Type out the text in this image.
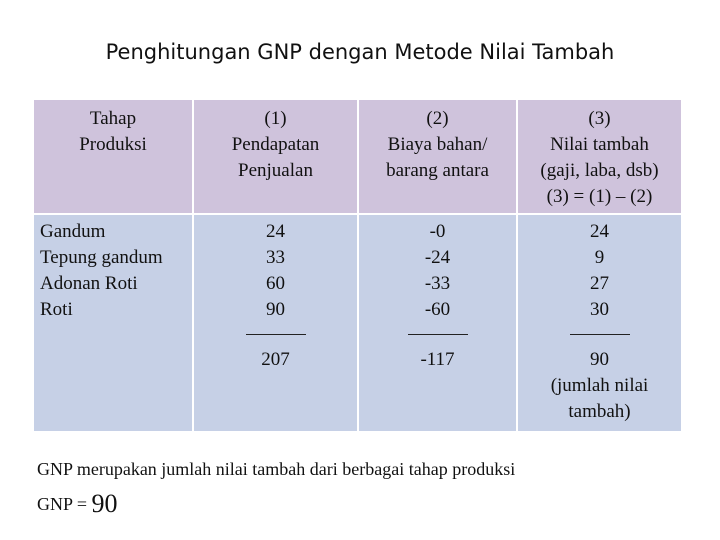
Penghitungan GNP dengan Metode Nilai Tambah
Tahap
Produksi
(1)
Pendapatan
Penjualan
(2)
Biaya bahan/
barang antara
(3)
Nilai tambah
(gaji, laba, dsb)
(3) = (1) – (2)
Gandum
Tepung gandum
Adonan Roti
Roti
24
33
60
90
207
-0
-24
-33
-60
-117
24
9
27
30
90
(jumlah nilai
tambah)
GNP merupakan jumlah nilai tambah dari berbagai tahap produksi
GNP = 90
